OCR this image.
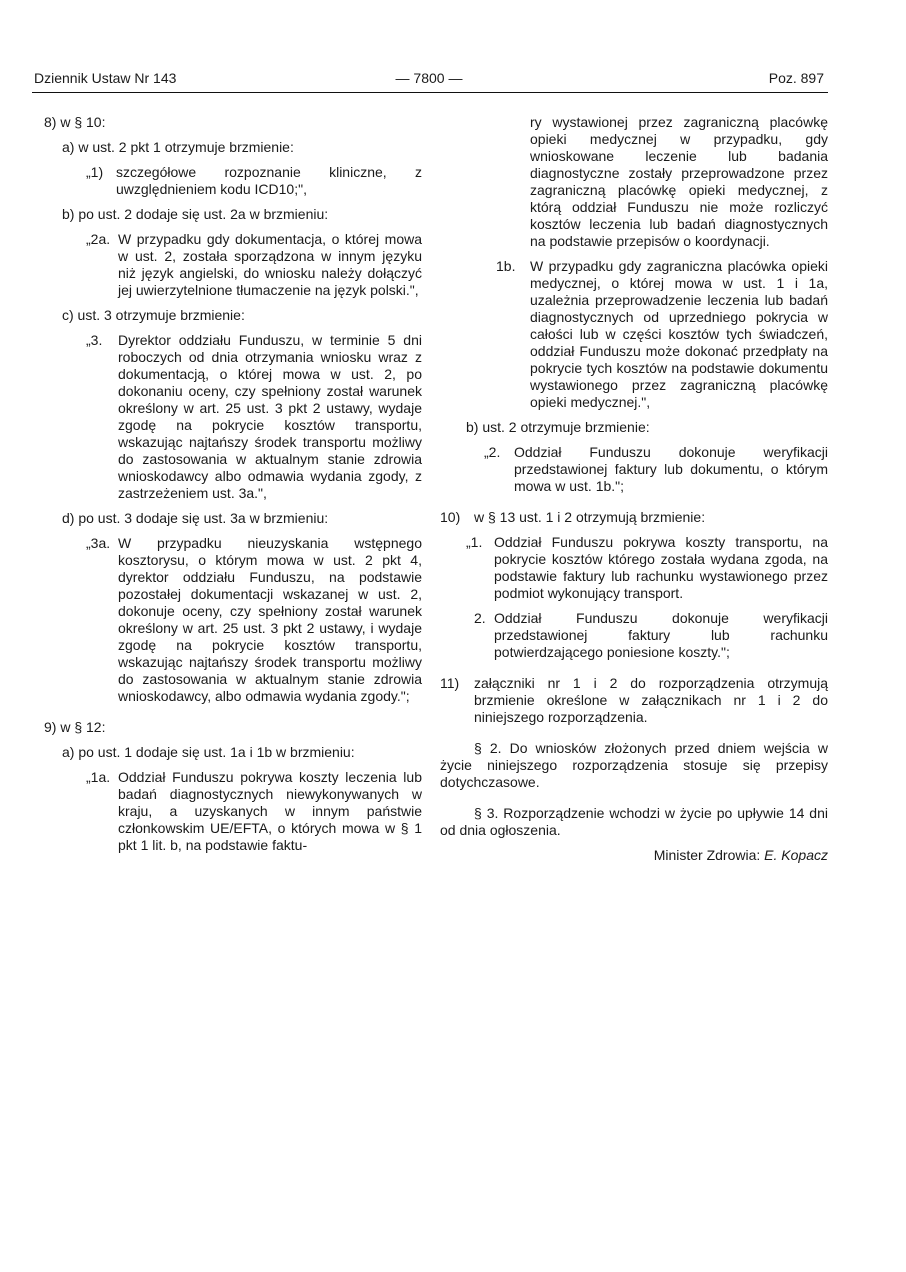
Dziennik Ustaw Nr 143	— 7800 —	Poz. 897
8) w § 10:
a) w ust. 2 pkt 1 otrzymuje brzmienie:
„1) szczegółowe rozpoznanie kliniczne, z uwzględnieniem kodu ICD10;",
b) po ust. 2 dodaje się ust. 2a w brzmieniu:
„2a. W przypadku gdy dokumentacja, o której mowa w ust. 2, została sporządzona w innym języku niż język angielski, do wniosku należy dołączyć jej uwierzytelnione tłumaczenie na język polski.",
c) ust. 3 otrzymuje brzmienie:
„3. Dyrektor oddziału Funduszu, w terminie 5 dni roboczych od dnia otrzymania wniosku wraz z dokumentacją, o której mowa w ust. 2, po dokonaniu oceny, czy spełniony został warunek określony w art. 25 ust. 3 pkt 2 ustawy, wydaje zgodę na pokrycie kosztów transportu, wskazując najtańszy środek transportu możliwy do zastosowania w aktualnym stanie zdrowia wnioskodawcy albo odmawia wydania zgody, z zastrzeżeniem ust. 3a.",
d) po ust. 3 dodaje się ust. 3a w brzmieniu:
„3a. W przypadku nieuzyskania wstępnego kosztorysu, o którym mowa w ust. 2 pkt 4, dyrektor oddziału Funduszu, na podstawie pozostałej dokumentacji wskazanej w ust. 2, dokonuje oceny, czy spełniony został warunek określony w art. 25 ust. 3 pkt 2 ustawy, i wydaje zgodę na pokrycie kosztów transportu, wskazując najtańszy środek transportu możliwy do zastosowania w aktualnym stanie zdrowia wnioskodawcy, albo odmawia wydania zgody.";
9) w § 12:
a) po ust. 1 dodaje się ust. 1a i 1b w brzmieniu:
„1a. Oddział Funduszu pokrywa koszty leczenia lub badań diagnostycznych niewykonywanych w kraju, a uzyskanych w innym państwie członkowskim UE/EFTA, o których mowa w § 1 pkt 1 lit. b, na podstawie faktu-
ry wystawionej przez zagraniczną placówkę opieki medycznej w przypadku, gdy wnioskowane leczenie lub badania diagnostyczne zostały przeprowadzone przez zagraniczną placówkę opieki medycznej, z którą oddział Funduszu nie może rozliczyć kosztów leczenia lub badań diagnostycznych na podstawie przepisów o koordynacji.
1b. W przypadku gdy zagraniczna placówka opieki medycznej, o której mowa w ust. 1 i 1a, uzależnia przeprowadzenie leczenia lub badań diagnostycznych od uprzedniego pokrycia w całości lub w części kosztów tych świadczeń, oddział Funduszu może dokonać przedpłaty na pokrycie tych kosztów na podstawie dokumentu wystawionego przez zagraniczną placówkę opieki medycznej.",
b) ust. 2 otrzymuje brzmienie:
„2. Oddział Funduszu dokonuje weryfikacji przedstawionej faktury lub dokumentu, o którym mowa w ust. 1b.";
10) w § 13 ust. 1 i 2 otrzymują brzmienie:
„1. Oddział Funduszu pokrywa koszty transportu, na pokrycie kosztów którego została wydana zgoda, na podstawie faktury lub rachunku wystawionego przez podmiot wykonujący transport.
2. Oddział Funduszu dokonuje weryfikacji przedstawionej faktury lub rachunku potwierdzającego poniesione koszty.";
11) załączniki nr 1 i 2 do rozporządzenia otrzymują brzmienie określone w załącznikach nr 1 i 2 do niniejszego rozporządzenia.
§ 2. Do wniosków złożonych przed dniem wejścia w życie niniejszego rozporządzenia stosuje się przepisy dotychczasowe.
§ 3. Rozporządzenie wchodzi w życie po upływie 14 dni od dnia ogłoszenia.
Minister Zdrowia: E. Kopacz
